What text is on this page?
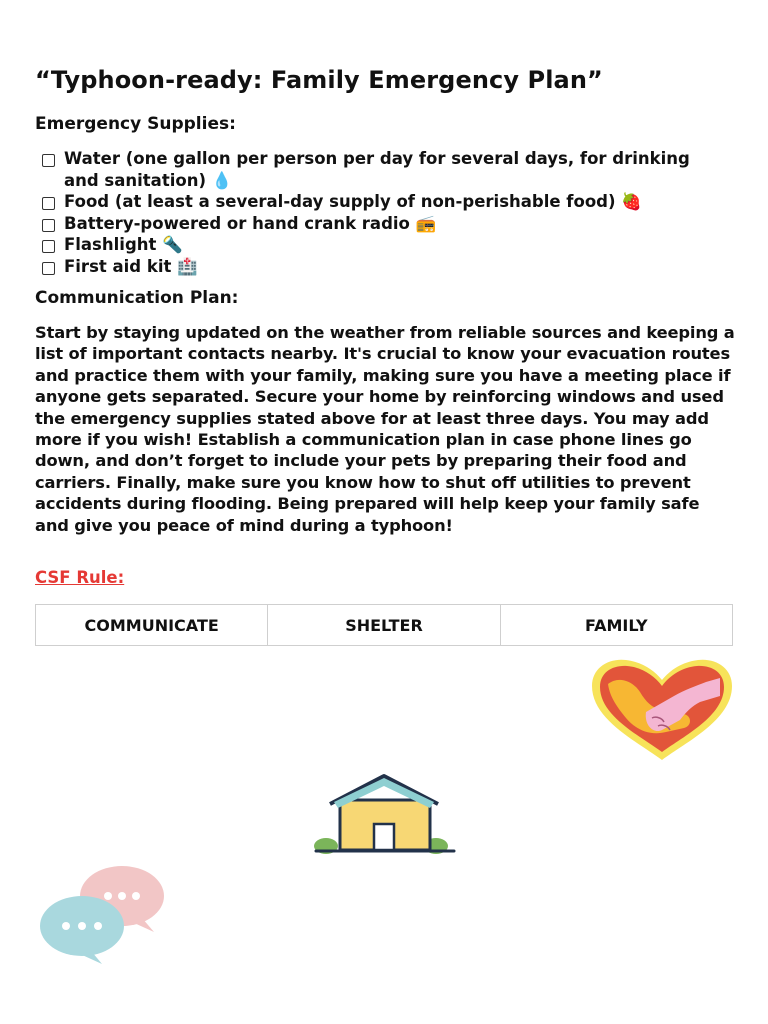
“Typhoon-ready: Family Emergency Plan”
Emergency Supplies:
Water (one gallon per person per day for several days, for drinking
and sanitation) 💧
Food (at least a several-day supply of non-perishable food) 🍓
Battery-powered or hand crank radio 📻
Flashlight 🔦
First aid kit 🏥
Communication Plan:

Start by staying updated on the weather from reliable sources and keeping a list of important contacts nearby. It's crucial to know your evacuation routes and practice them with your family, making sure you have a meeting place if anyone gets separated. Secure your home by reinforcing windows and used the emergency supplies stated above for at least three days. You may add more if you wish! Establish a communication plan in case phone lines go down, and don’t forget to include your pets by preparing their food and carriers. Finally, make sure you know how to shut off utilities to prevent accidents during flooding. Being prepared will help keep your family safe and give you peace of mind during a typhoon!

CSF Rule:

COMMUNICATE	SHELTER	FAMILY
